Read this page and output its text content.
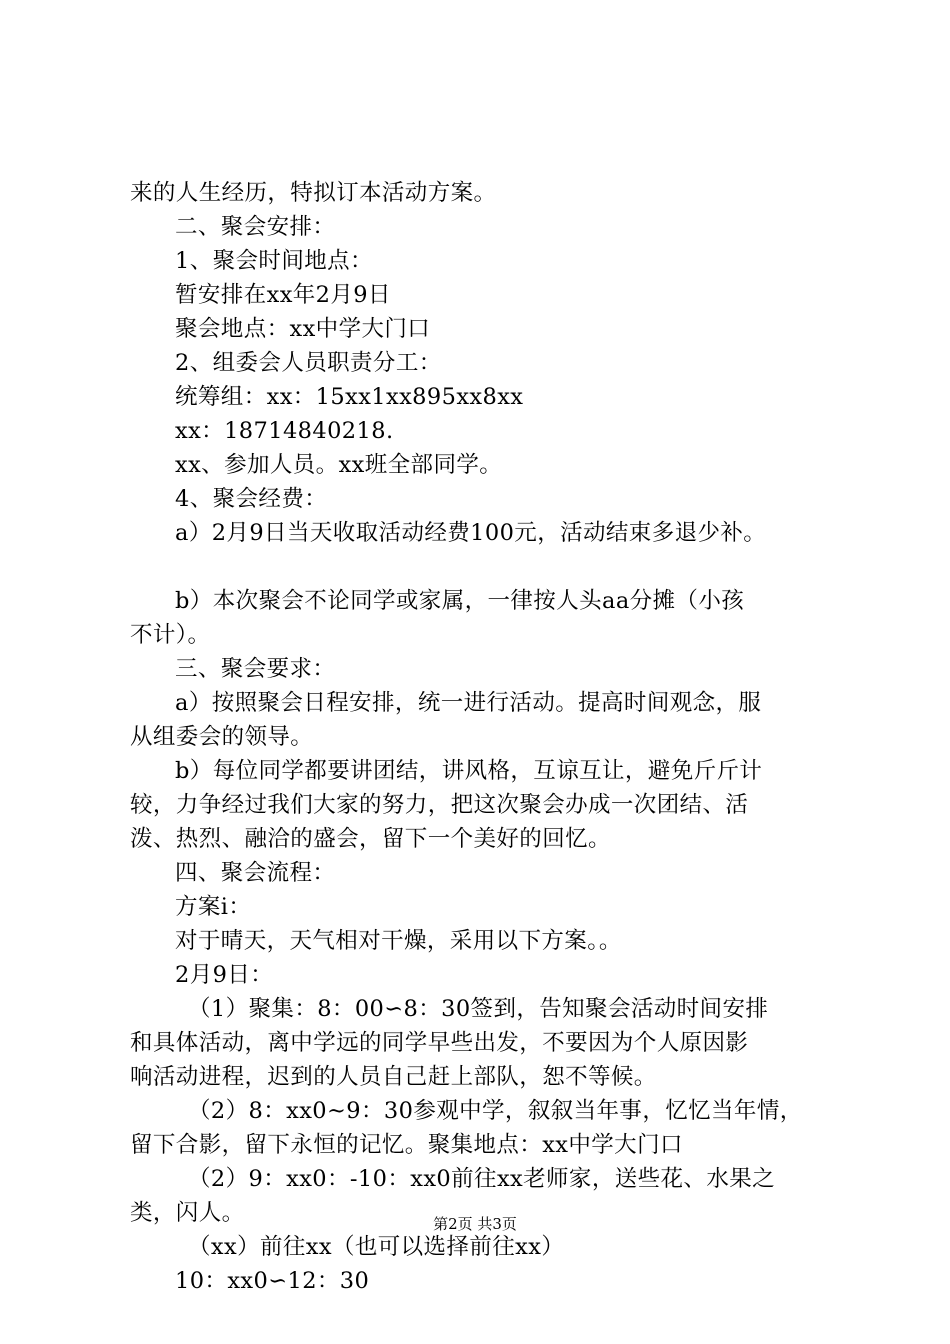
来的人生经历，特拟订本活动方案。
二、聚会安排：
1、聚会时间地点：
暂安排在xx年2月9日
聚会地点：xx中学大门口
2、组委会人员职责分工：
统筹组：xx：15xx1xx895xx8xx
xx：18714840218.
xx、参加人员。xx班全部同学。
4、聚会经费：
a）2月9日当天收取活动经费100元，活动结束多退少补。
b）本次聚会不论同学或家属，一律按人头aa分摊（小孩
不计）。
三、聚会要求：
a）按照聚会日程安排，统一进行活动。提高时间观念，服
从组委会的领导。
b）每位同学都要讲团结，讲风格，互谅互让，避免斤斤计
较，力争经过我们大家的努力，把这次聚会办成一次团结、活
泼、热烈、融洽的盛会，留下一个美好的回忆。
四、聚会流程：
方案ⅰ：
对于晴天，天气相对干燥，采用以下方案。。
2月9日：
（1）聚集：8：00∽8：30签到，告知聚会活动时间安排
和具体活动，离中学远的同学早些出发，不要因为个人原因影
响活动进程，迟到的人员自己赶上部队，恕不等候。
（2）8：xx0~9：30参观中学，叙叙当年事，忆忆当年情，
留下合影，留下永恒的记忆。聚集地点：xx中学大门口
（2）9：xx0：-10：xx0前往xx老师家，送些花、水果之
类，闪人。
（xx）前往xx（也可以选择前往xx）
10：xx0∽12：30
第2页 共3页
